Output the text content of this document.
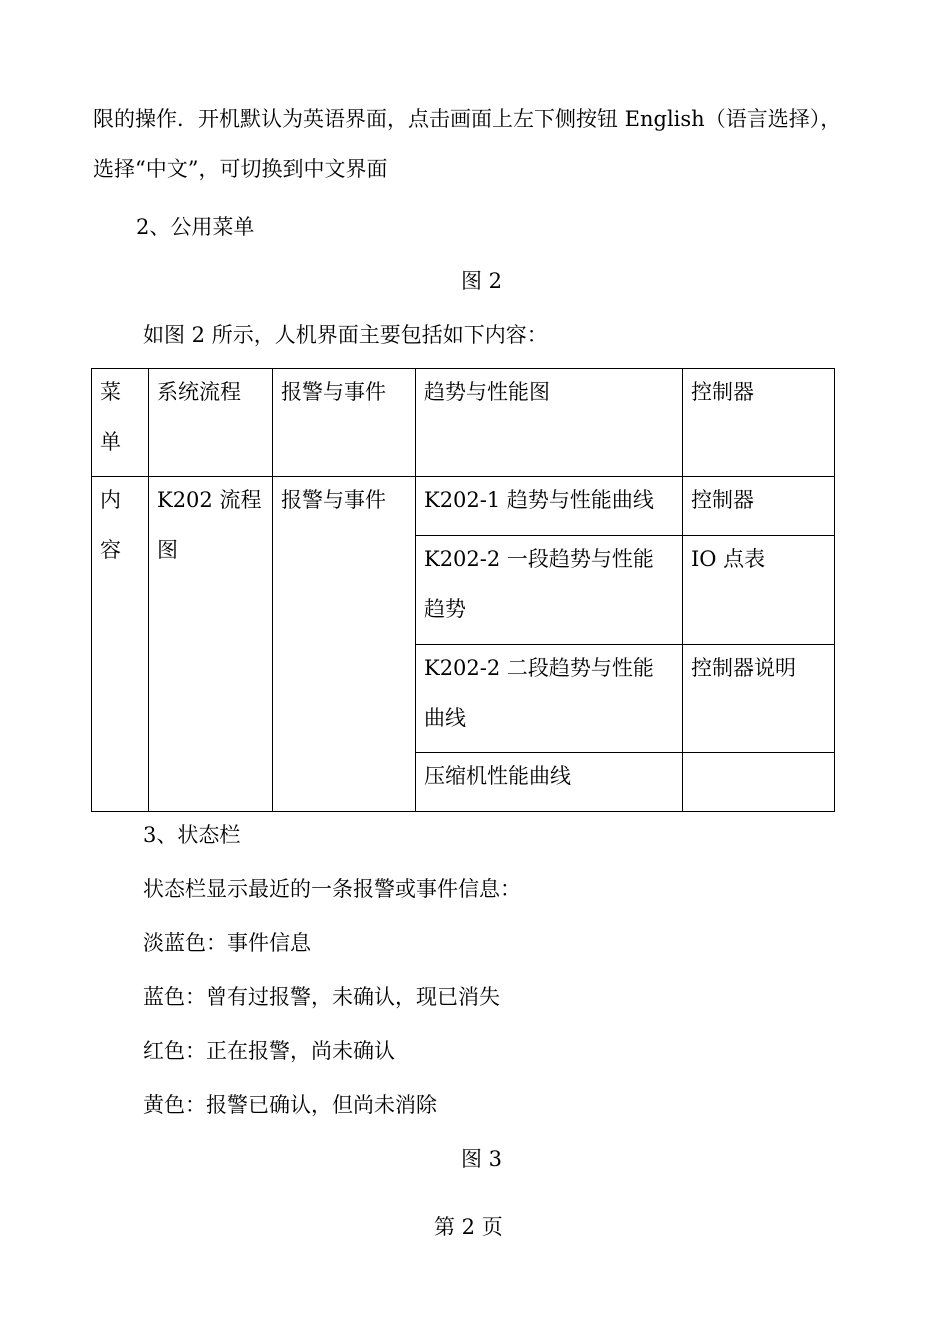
限的操作．开机默认为英语界面，点击画面上左下侧按钮 English（语言选择），
选择“中文”，可切换到中文界面
2、公用菜单
图 2
如图 2 所示，人机界面主要包括如下内容：
菜单	系统流程	报警与事件	趋势与性能图	控制器

内容	K202 流程图	报警与事件	K202-1 趋势与性能曲线	控制器

			K202-2 一段趋势与性能趋势	IO 点表

			K202-2 二段趋势与性能曲线	控制器说明

			压缩机性能曲线	

3、状态栏
状态栏显示最近的一条报警或事件信息：
淡蓝色：事件信息
蓝色：曾有过报警，未确认，现已消失
红色：正在报警，尚未确认
黄色：报警已确认，但尚未消除
图 3
第 2 页
